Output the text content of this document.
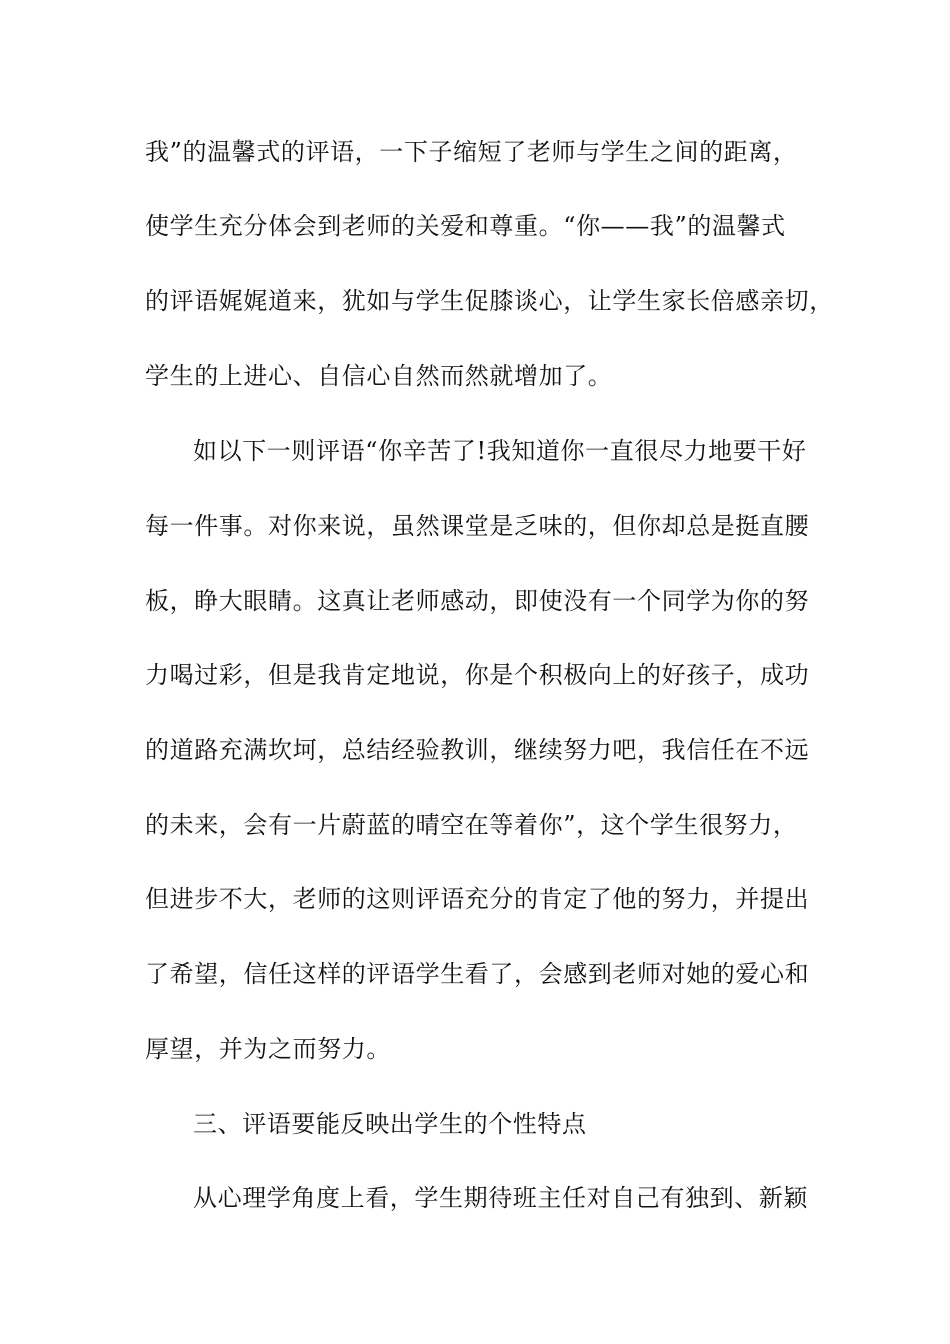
我”的温馨式的评语，一下子缩短了老师与学生之间的距离，
使学生充分体会到老师的关爱和尊重。“你——我”的温馨式
的评语娓娓道来，犹如与学生促膝谈心，让学生家长倍感亲切，
学生的上进心、自信心自然而然就增加了。
如以下一则评语“你辛苦了!我知道你一直很尽力地要干好
每一件事。对你来说，虽然课堂是乏味的，但你却总是挺直腰
板，睁大眼睛。这真让老师感动，即使没有一个同学为你的努
力喝过彩，但是我肯定地说，你是个积极向上的好孩子，成功
的道路充满坎坷，总结经验教训，继续努力吧，我信任在不远
的未来，会有一片蔚蓝的晴空在等着你”，这个学生很努力，
但进步不大，老师的这则评语充分的肯定了他的努力，并提出
了希望，信任这样的评语学生看了，会感到老师对她的爱心和
厚望，并为之而努力。
三、评语要能反映出学生的个性特点
从心理学角度上看，学生期待班主任对自己有独到、新颖
